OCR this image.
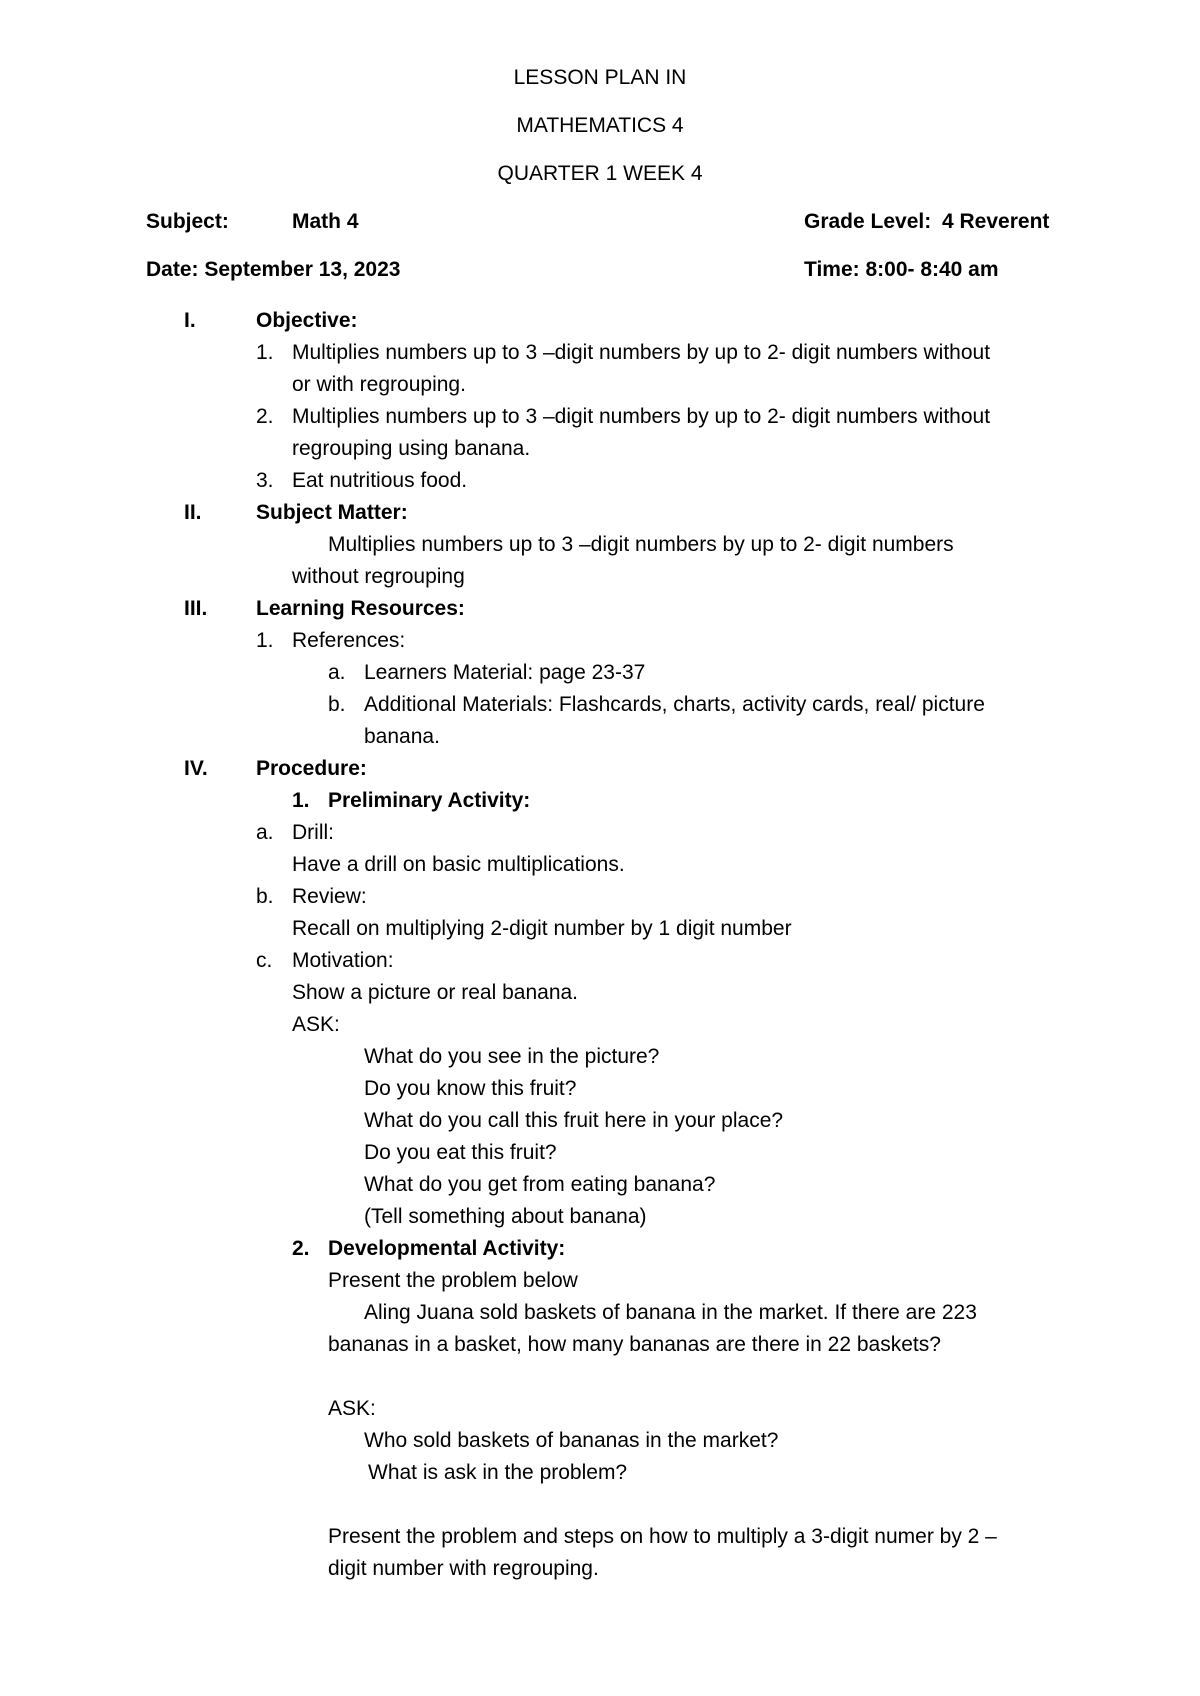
LESSON PLAN IN
MATHEMATICS 4
QUARTER 1 WEEK 4
Subject:	Math 4	Grade Level: 4 Reverent
Date: September 13, 2023	Time: 8:00- 8:40 am
I.	Objective:
1. Multiplies numbers up to 3 –digit numbers by up to 2- digit numbers without
or with regrouping.
2. Multiplies numbers up to 3 –digit numbers by up to 2- digit numbers without
regrouping using banana.
3. Eat nutritious food.
II.	Subject Matter:
Multiplies numbers up to 3 –digit numbers by up to 2- digit numbers
without regrouping
III. Learning Resources:
1. References:
a. Learners Material: page 23-37
b. Additional Materials: Flashcards, charts, activity cards, real/ picture
banana.
IV. Procedure:
1. Preliminary Activity:
a. Drill:
Have a drill on basic multiplications.
b. Review:
Recall on multiplying 2-digit number by 1 digit number
c. Motivation:
Show a picture or real banana.
ASK:
What do you see in the picture?
Do you know this fruit?
What do you call this fruit here in your place?
Do you eat this fruit?
What do you get from eating banana?
(Tell something about banana)
2. Developmental Activity:
Present the problem below
Aling Juana sold baskets of banana in the market. If there are 223
bananas in a basket, how many bananas are there in 22 baskets?
ASK:
Who sold baskets of bananas in the market?
What is ask in the problem?
Present the problem and steps on how to multiply a 3-digit numer by 2 –
digit number with regrouping.
